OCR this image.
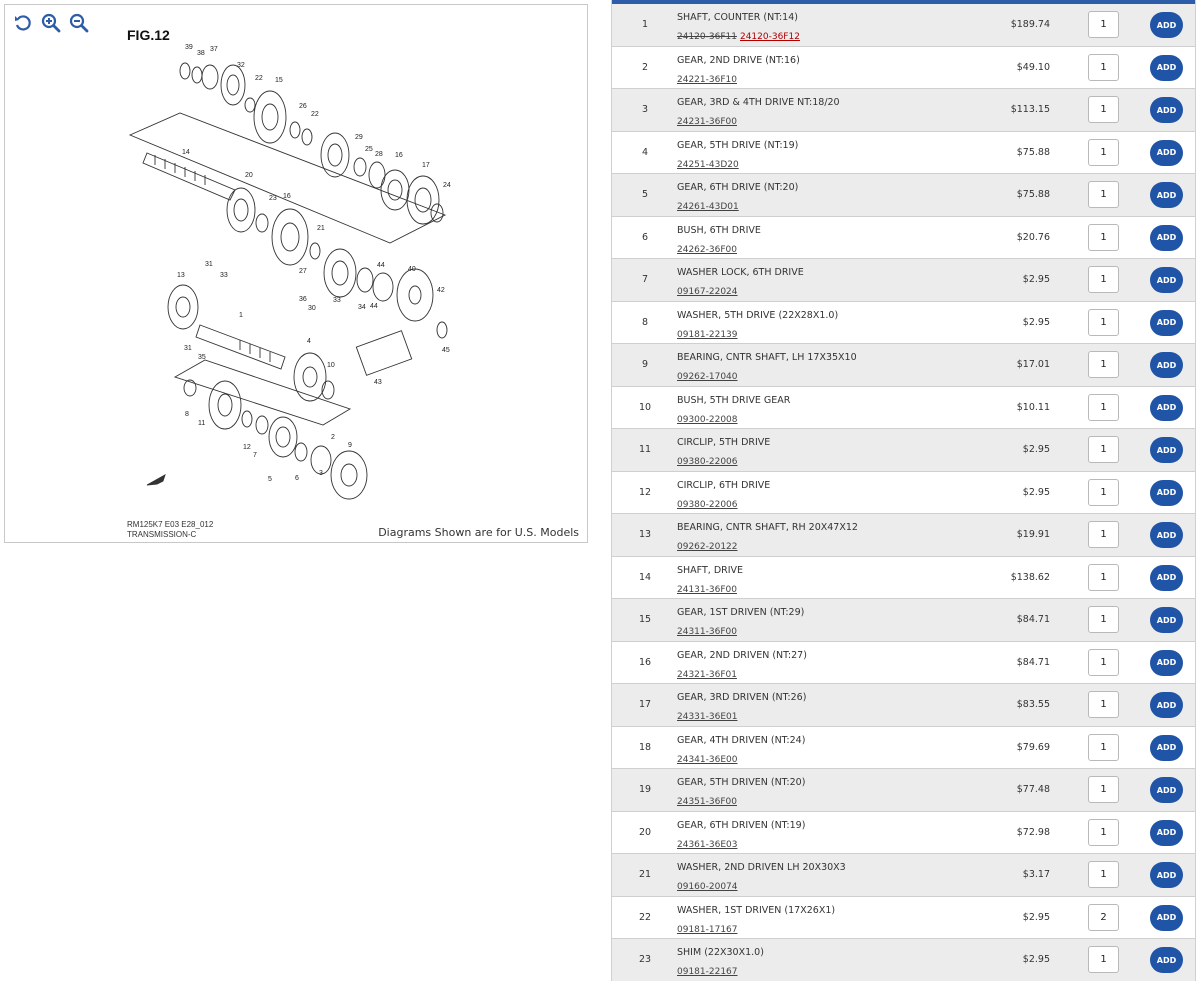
FIG.12
39
38
37
32
22 15
26
22
29
25
28 16
17
24
14
20
23 16
21
31
13	33
27
36
30
33
34 44
44
40
42
1
4
10
31
35
43
45
8
11
12
7
2
9
5	6
3
RM125K7 E03 E28_012
TRANSMISSION-C	Diagrams Shown are for U.S. Models
1
SHAFT, COUNTER (NT:14)
24120-36F11 24120-36F12
$189.74
1	ADD
2
GEAR, 2ND DRIVE (NT:16)
24221-36F10
$49.10
1	ADD
3
GEAR, 3RD & 4TH DRIVE NT:18/20
24231-36F00
$113.15
1	ADD
4
GEAR, 5TH DRIVE (NT:19)
24251-43D20
$75.88
1	ADD
5
GEAR, 6TH DRIVE (NT:20)
24261-43D01
$75.88
1	ADD
6
BUSH, 6TH DRIVE
24262-36F00
$20.76
1	ADD
7
WASHER LOCK, 6TH DRIVE
09167-22024
$2.95
1	ADD
8
WASHER, 5TH DRIVE (22X28X1.0)
09181-22139
$2.95
1	ADD
9
BEARING, CNTR SHAFT, LH 17X35X10
09262-17040
$17.01
1	ADD
10
BUSH, 5TH DRIVE GEAR
09300-22008
$10.11
1	ADD
11
CIRCLIP, 5TH DRIVE
09380-22006
$2.95
1	ADD
12
CIRCLIP, 6TH DRIVE
09380-22006
$2.95
1	ADD
13
BEARING, CNTR SHAFT, RH 20X47X12
09262-20122
$19.91
1	ADD
14
SHAFT, DRIVE
24131-36F00
$138.62
1	ADD
15
GEAR, 1ST DRIVEN (NT:29)
24311-36F00
$84.71
1	ADD
16
GEAR, 2ND DRIVEN (NT:27)
24321-36F01
$84.71
1	ADD
17
GEAR, 3RD DRIVEN (NT:26)
24331-36E01
$83.55
1	ADD
18
GEAR, 4TH DRIVEN (NT:24)
24341-36E00
$79.69
1	ADD
19
GEAR, 5TH DRIVEN (NT:20)
24351-36F00
$77.48
1	ADD
20
GEAR, 6TH DRIVEN (NT:19)
24361-36E03
$72.98
1	ADD
21
WASHER, 2ND DRIVEN LH 20X30X3
09160-20074
$3.17
1	ADD
22
WASHER, 1ST DRIVEN (17X26X1)
09181-17167
$2.95
2	ADD
23
SHIM (22X30X1.0)
09181-22167
$2.95
1	ADD
